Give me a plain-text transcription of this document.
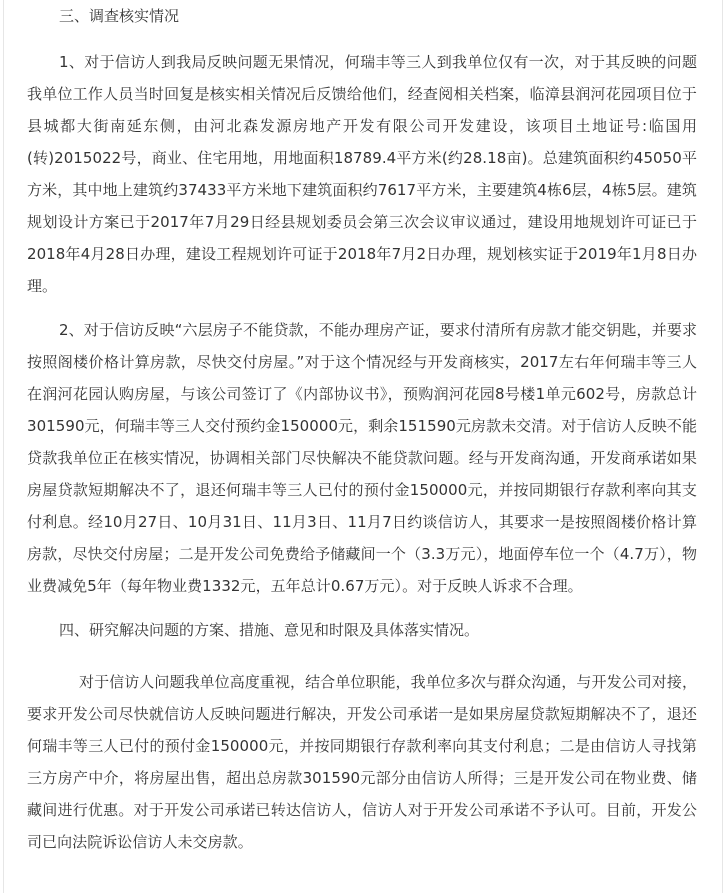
三、调查核实情况

1、对于信访人到我局反映问题无果情况，何瑞丰等三人到我单位仅有一次，对于其反映的问题我单位工作人员当时回复是核实相关情况后反馈给他们，经查阅相关档案，临漳县润河花园项目位于县城都大街南延东侧，由河北森发源房地产开发有限公司开发建设，该项目土地证号:临国用(转)2015022号，商业、住宅用地，用地面积18789.4平方米(约28.18亩)。总建筑面积约45050平方米，其中地上建筑约37433平方米地下建筑面积约7617平方米，主要建筑4栋6层，4栋5层。建筑规划设计方案已于2017年7月29日经县规划委员会第三次会议审议通过，建设用地规划许可证已于2018年4月28日办理，建设工程规划许可证于2018年7月2日办理，规划核实证于2019年1月8日办理。

2、对于信访反映“六层房子不能贷款，不能办理房产证，要求付清所有房款才能交钥匙，并要求按照阁楼价格计算房款，尽快交付房屋。”对于这个情况经与开发商核实，2017左右年何瑞丰等三人在润河花园认购房屋，与该公司签订了《内部协议书》，预购润河花园8号楼1单元602号，房款总计301590元，何瑞丰等三人交付预约金150000元，剩余151590元房款未交清。对于信访人反映不能贷款我单位正在核实情况，协调相关部门尽快解决不能贷款问题。经与开发商沟通，开发商承诺如果房屋贷款短期解决不了，退还何瑞丰等三人已付的预付金150000元，并按同期银行存款利率向其支付利息。经10月27日、10月31日、11月3日、11月7日约谈信访人，其要求一是按照阁楼价格计算房款，尽快交付房屋；二是开发公司免费给予储藏间一个（3.3万元），地面停车位一个（4.7万），物业费减免5年（每年物业费1332元，五年总计0.67万元）。对于反映人诉求不合理。

四、研究解决问题的方案、措施、意见和时限及具体落实情况。

对于信访人问题我单位高度重视，结合单位职能，我单位多次与群众沟通，与开发公司对接，要求开发公司尽快就信访人反映问题进行解决，开发公司承诺一是如果房屋贷款短期解决不了，退还何瑞丰等三人已付的预付金150000元，并按同期银行存款利率向其支付利息；二是由信访人寻找第三方房产中介，将房屋出售，超出总房款301590元部分由信访人所得；三是开发公司在物业费、储藏间进行优惠。对于开发公司承诺已转达信访人，信访人对于开发公司承诺不予认可。目前，开发公司已向法院诉讼信访人未交房款。
